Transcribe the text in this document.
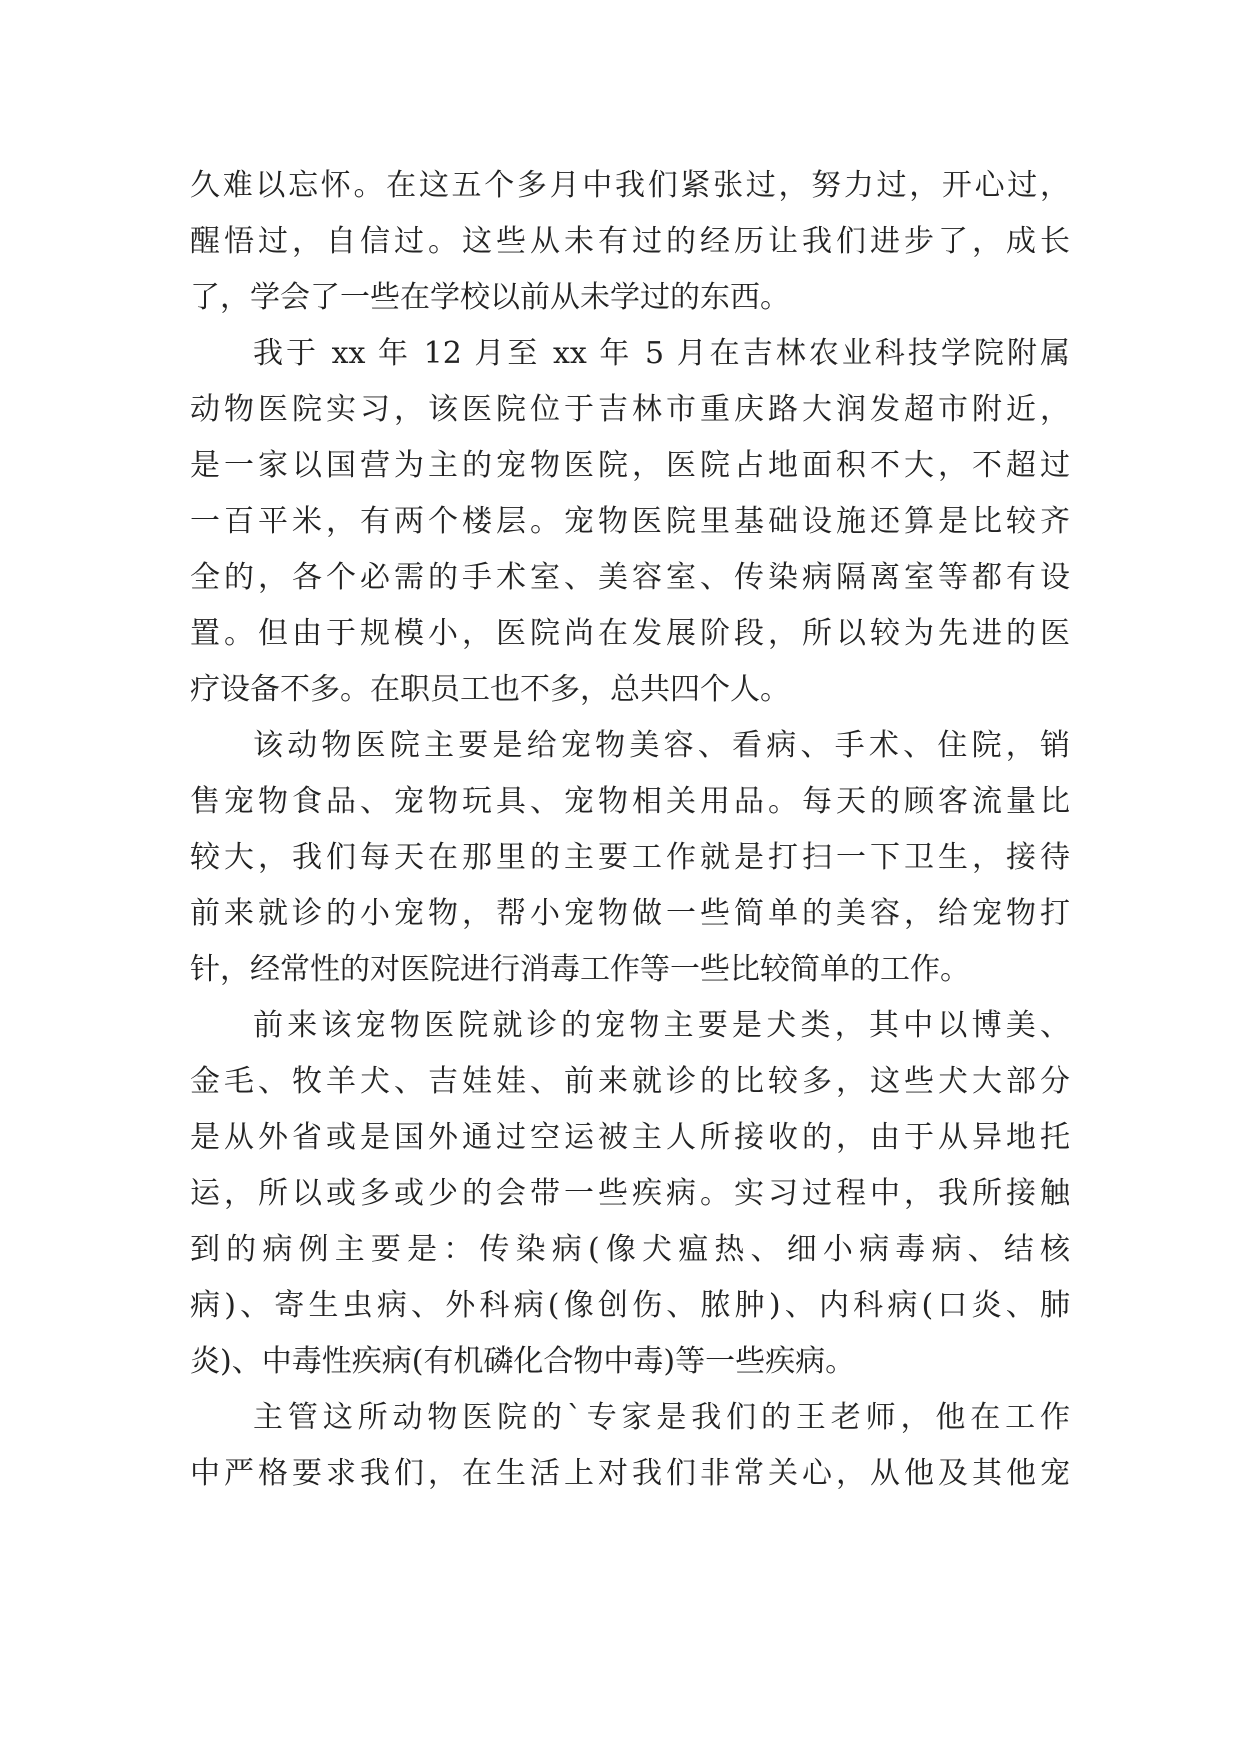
久难以忘怀。在这五个多月中我们紧张过，努力过，开心过，
醒悟过，自信过。这些从未有过的经历让我们进步了，成长
了，学会了一些在学校以前从未学过的东西。
我于 xx 年 12 月至 xx 年 5 月在吉林农业科技学院附属
动物医院实习，该医院位于吉林市重庆路大润发超市附近，
是一家以国营为主的宠物医院，医院占地面积不大，不超过
一百平米，有两个楼层。宠物医院里基础设施还算是比较齐
全的，各个必需的手术室、美容室、传染病隔离室等都有设
置。但由于规模小，医院尚在发展阶段，所以较为先进的医
疗设备不多。在职员工也不多，总共四个人。
该动物医院主要是给宠物美容、看病、手术、住院，销
售宠物食品、宠物玩具、宠物相关用品。每天的顾客流量比
较大，我们每天在那里的主要工作就是打扫一下卫生，接待
前来就诊的小宠物，帮小宠物做一些简单的美容，给宠物打
针，经常性的对医院进行消毒工作等一些比较简单的工作。
前来该宠物医院就诊的宠物主要是犬类，其中以博美、
金毛、牧羊犬、吉娃娃、前来就诊的比较多，这些犬大部分
是从外省或是国外通过空运被主人所接收的，由于从异地托
运，所以或多或少的会带一些疾病。实习过程中，我所接触
到的病例主要是：传染病(像犬瘟热、细小病毒病、结核
病)、寄生虫病、外科病(像创伤、脓肿)、内科病(口炎、肺
炎)、中毒性疾病(有机磷化合物中毒)等一些疾病。
主管这所动物医院的`专家是我们的王老师，他在工作
中严格要求我们，在生活上对我们非常关心，从他及其他宠
